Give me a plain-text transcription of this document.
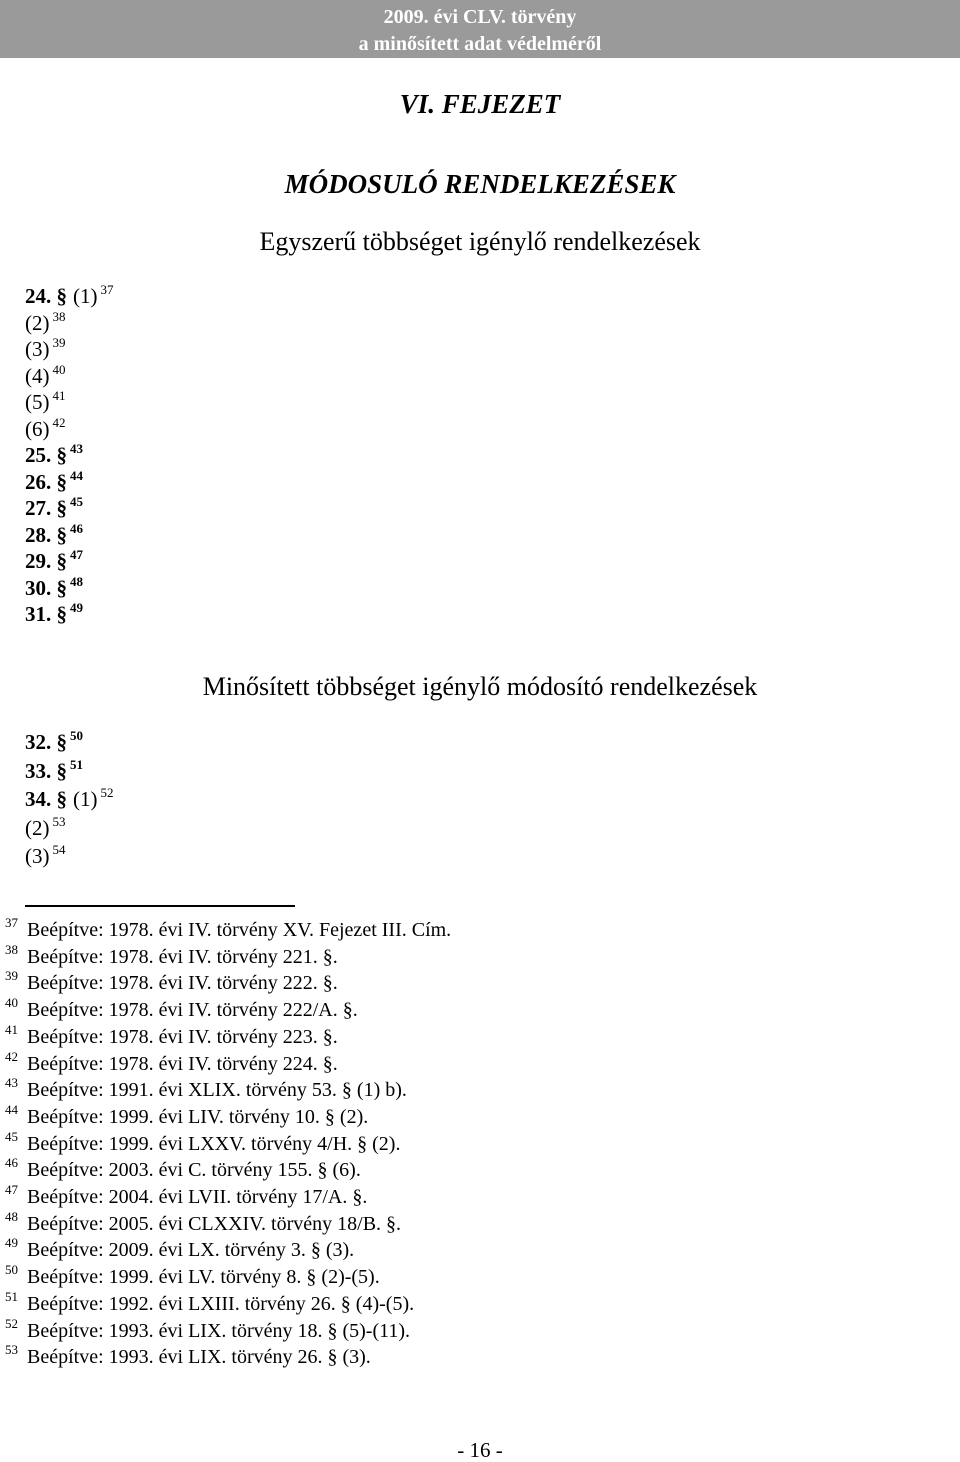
2009. évi CLV. törvény
a minősített adat védelméről
VI. FEJEZET
MÓDOSULÓ RENDELKEZÉSEK
Egyszerű többséget igénylő rendelkezések
Minősített többséget igénylő módosító rendelkezések
24. § (1) $^{37}$
(2) $^{38}$
(3) $^{39}$
(4) $^{40}$
(5) $^{41}$
(6) $^{42}$
25. § $^{43}$
26. § $^{44}$
27. § $^{45}$
28. § $^{46}$
29. § $^{47}$
30. § $^{48}$
31. § $^{49}$
32. § $^{50}$
33. § $^{51}$
34. § (1) $^{52}$
(2) $^{53}$
(3) $^{54}$
37 Beépítve: 1978. évi IV. törvény XV. Fejezet III. Cím.
38 Beépítve: 1978. évi IV. törvény 221. §.
39 Beépítve: 1978. évi IV. törvény 222. §.
40 Beépítve: 1978. évi IV. törvény 222/A. §.
41 Beépítve: 1978. évi IV. törvény 223. §.
42 Beépítve: 1978. évi IV. törvény 224. §.
43 Beépítve: 1991. évi XLIX. törvény 53. § (1) b).
44 Beépítve: 1999. évi LIV. törvény 10. § (2).
45 Beépítve: 1999. évi LXXV. törvény 4/H. § (2).
46 Beépítve: 2003. évi C. törvény 155. § (6).
47 Beépítve: 2004. évi LVII. törvény 17/A. §.
48 Beépítve: 2005. évi CLXXIV. törvény 18/B. §.
49 Beépítve: 2009. évi LX. törvény 3. § (3).
50 Beépítve: 1999. évi LV. törvény 8. § (2)-(5).
51 Beépítve: 1992. évi LXIII. törvény 26. § (4)-(5).
52 Beépítve: 1993. évi LIX. törvény 18. § (5)-(11).
53 Beépítve: 1993. évi LIX. törvény 26. § (3).
- 16 -
